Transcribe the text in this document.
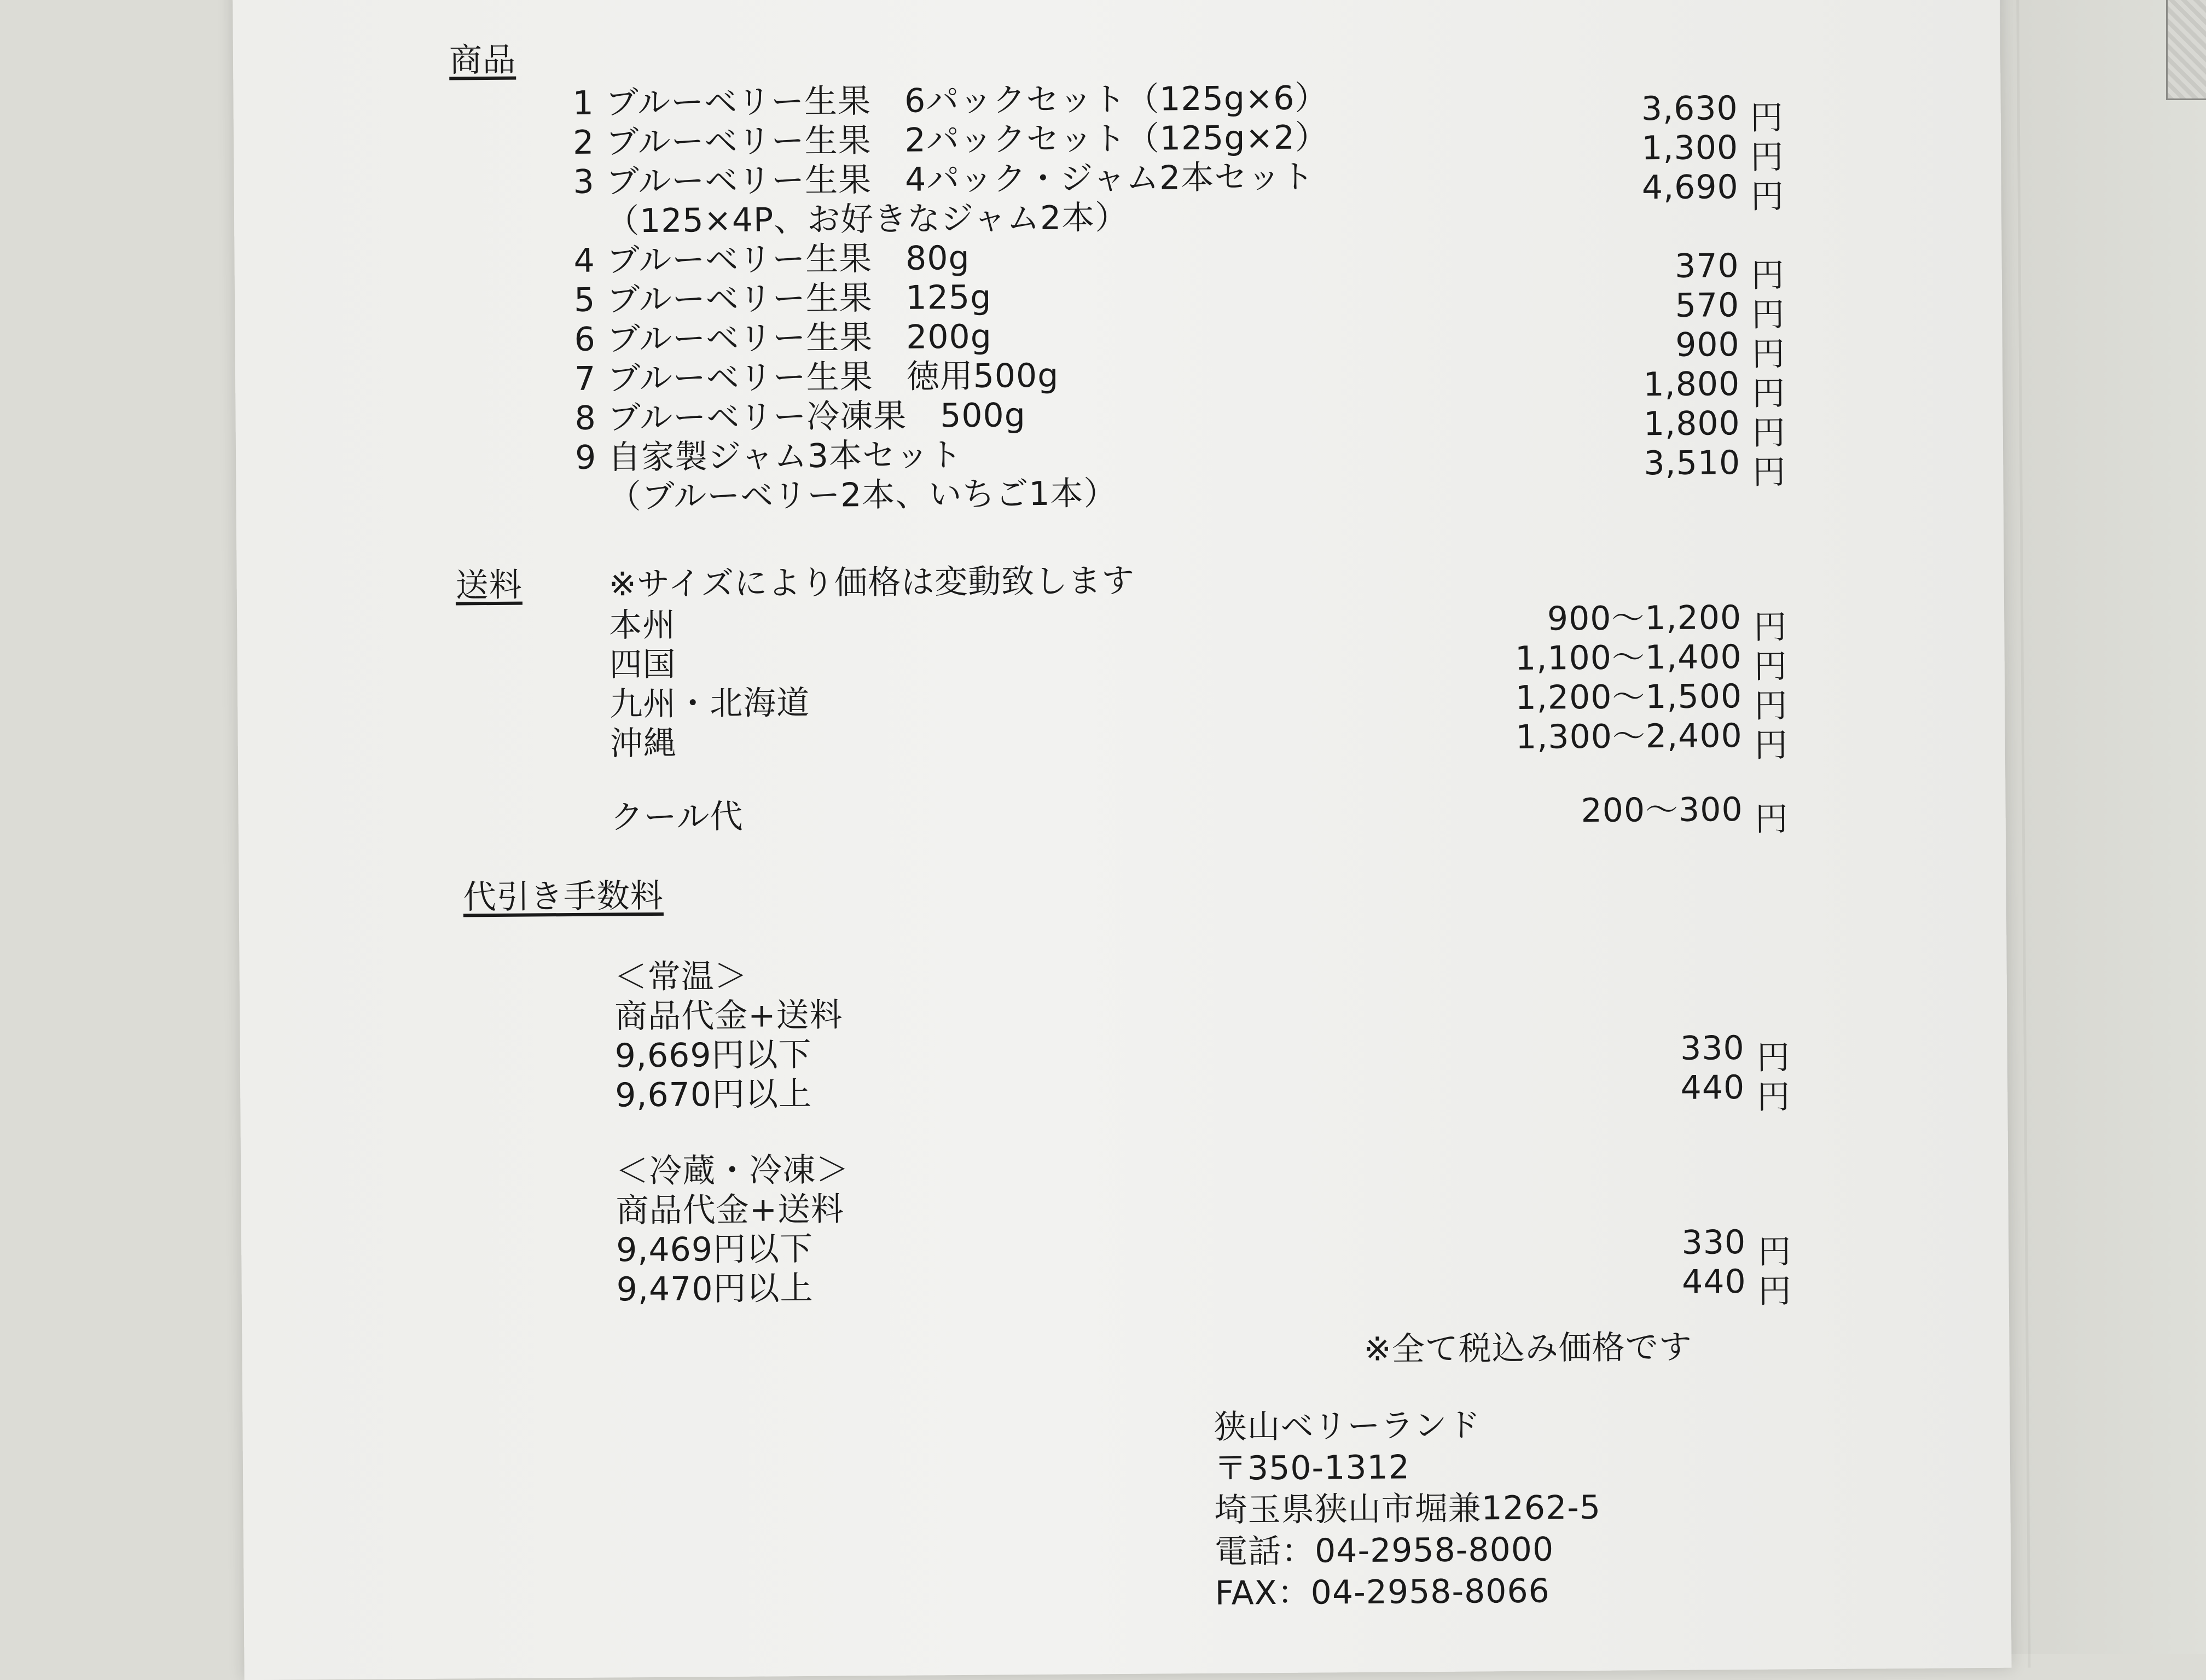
商品
1 ブルーベリー生果　6パックセット（125g×6）	3,630 円
2 ブルーベリー生果　2パックセット（125g×2）	1,300 円
3 ブルーベリー生果　4パック・ジャム2本セット	4,690 円
（125×4P、お好きなジャム2本）
4 ブルーベリー生果　80g	370 円
5 ブルーベリー生果　125g	570 円
6 ブルーベリー生果　200g	900 円
7 ブルーベリー生果　徳用500g	1,800 円
8 ブルーベリー冷凍果　500g	1,800 円
9 自家製ジャム3本セット	3,510 円
（ブルーベリー2本、いちご1本）
送料	※サイズにより価格は変動致します
本州	900～1,200 円
四国	1,100～1,400 円
九州・北海道	1,200～1,500 円
沖縄	1,300～2,400 円
クール代	200～300 円
代引き手数料
＜常温＞
商品代金+送料
9,669円以下	330 円
9,670円以上	440 円
＜冷蔵・冷凍＞
商品代金+送料
9,469円以下	330 円
9,470円以上	440 円
※全て税込み価格です
狭山ベリーランド
〒350-1312
埼玉県狭山市堀兼1262-5
電話：04-2958-8000
FAX：04-2958-8066
